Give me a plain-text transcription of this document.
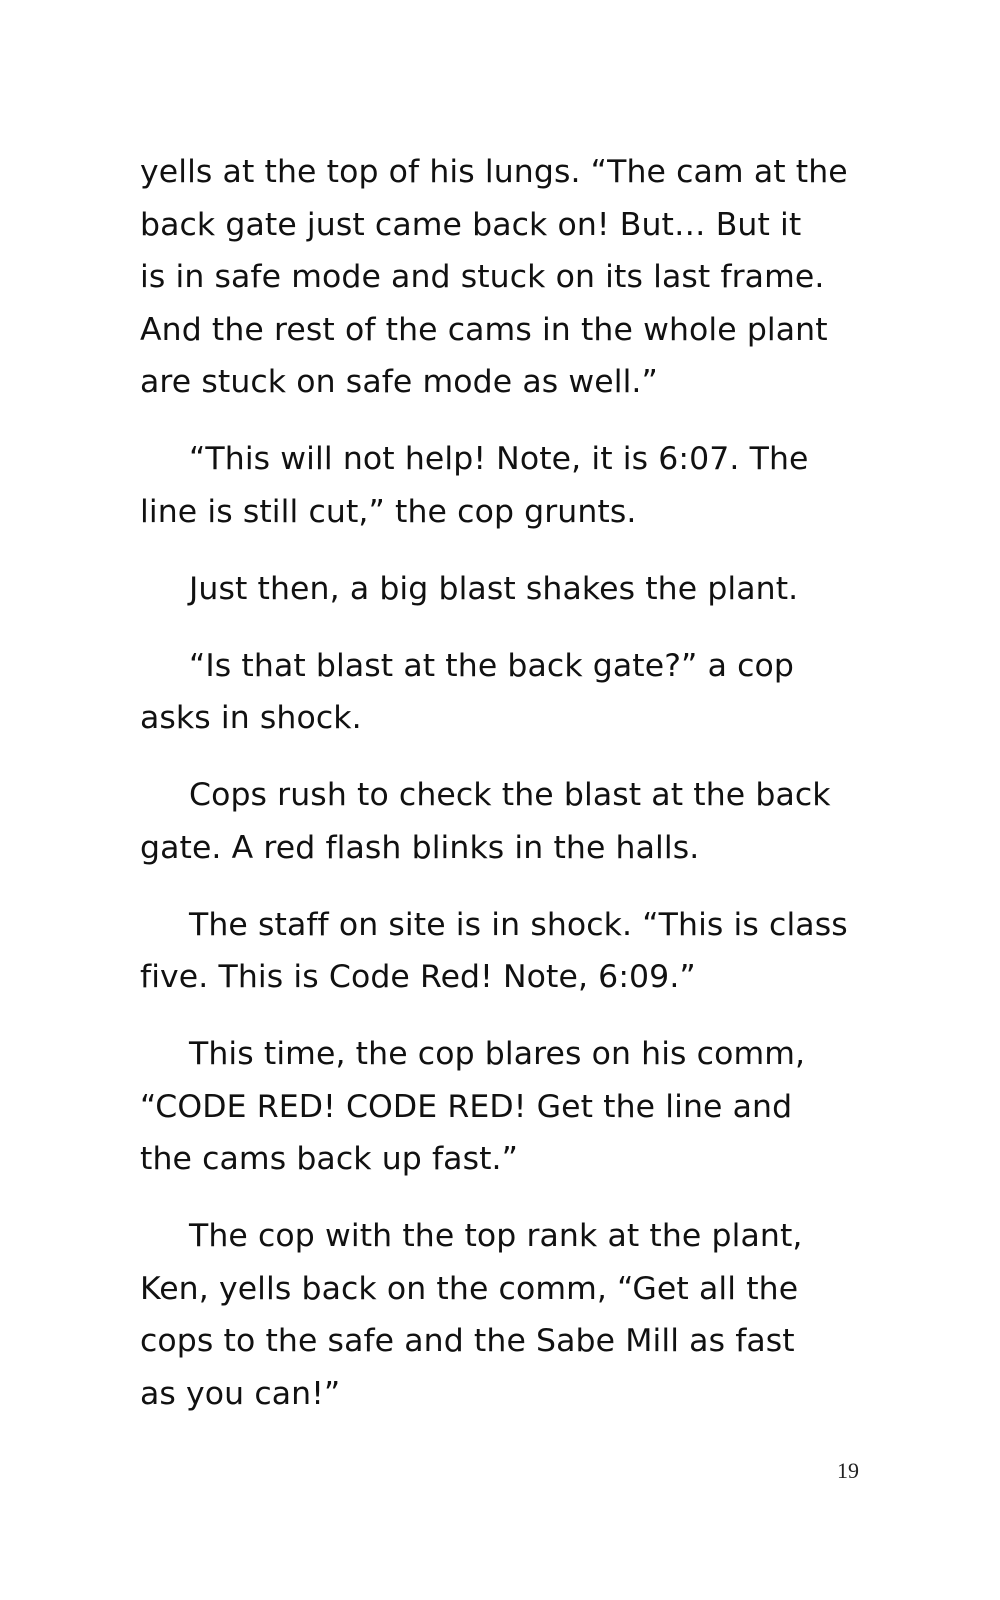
yells at the top of his lungs. “The cam at the
back gate just came back on! But… But it
is in safe mode and stuck on its last frame.
And the rest of the cams in the whole plant
are stuck on safe mode as well.”

“This will not help! Note, it is 6:07. The
line is still cut,” the cop grunts.

Just then, a big blast shakes the plant.

“Is that blast at the back gate?” a cop
asks in shock.

Cops rush to check the blast at the back
gate. A red flash blinks in the halls.

The staff on site is in shock. “This is class
five. This is Code Red! Note, 6:09.”

This time, the cop blares on his comm,
“CODE RED! CODE RED! Get the line and
the cams back up fast.”

The cop with the top rank at the plant,
Ken, yells back on the comm, “Get all the
cops to the safe and the Sabe Mill as fast
as you can!”

19
